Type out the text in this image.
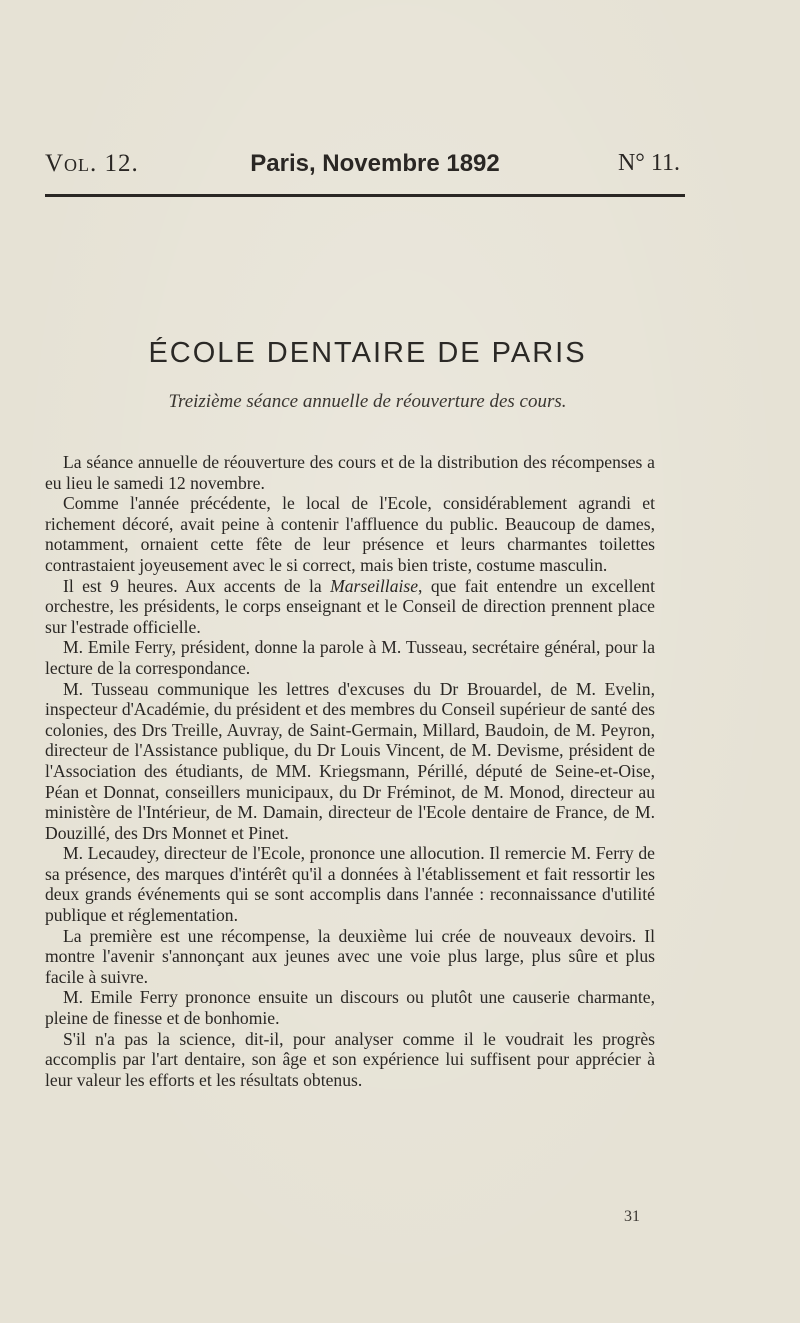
Vol. 12.	Paris, Novembre 1892	N° 11.
ÉCOLE DENTAIRE DE PARIS
Treizième séance annuelle de réouverture des cours.

La séance annuelle de réouverture des cours et de la distribution des récompenses a eu lieu le samedi 12 novembre.

Comme l'année précédente, le local de l'Ecole, considérablement agrandi et richement décoré, avait peine à contenir l'affluence du public. Beaucoup de dames, notamment, ornaient cette fête de leur présence et leurs charmantes toilettes contrastaient joyeusement avec le si correct, mais bien triste, costume masculin.

Il est 9 heures. Aux accents de la Marseillaise, que fait entendre un excellent orchestre, les présidents, le corps enseignant et le Conseil de direction prennent place sur l'estrade officielle.

M. Emile Ferry, président, donne la parole à M. Tusseau, secrétaire général, pour la lecture de la correspondance.

M. Tusseau communique les lettres d'excuses du Dr Brouardel, de M. Evelin, inspecteur d'Académie, du président et des membres du Conseil supérieur de santé des colonies, des Drs Treille, Auvray, de Saint-Germain, Millard, Baudoin, de M. Peyron, directeur de l'Assistance publique, du Dr Louis Vincent, de M. Devisme, président de l'Association des étudiants, de MM. Kriegsmann, Périllé, député de Seine-et-Oise, Péan et Donnat, conseillers municipaux, du Dr Fréminot, de M. Monod, directeur au ministère de l'Intérieur, de M. Damain, directeur de l'Ecole dentaire de France, de M. Douzillé, des Drs Monnet et Pinet.

M. Lecaudey, directeur de l'Ecole, prononce une allocution. Il remercie M. Ferry de sa présence, des marques d'intérêt qu'il a données à l'établissement et fait ressortir les deux grands événements qui se sont accomplis dans l'année : reconnaissance d'utilité publique et réglementation.

La première est une récompense, la deuxième lui crée de nouveaux devoirs. Il montre l'avenir s'annonçant aux jeunes avec une voie plus large, plus sûre et plus facile à suivre.

M. Emile Ferry prononce ensuite un discours ou plutôt une causerie charmante, pleine de finesse et de bonhomie.

S'il n'a pas la science, dit-il, pour analyser comme il le voudrait les progrès accomplis par l'art dentaire, son âge et son expérience lui suffisent pour apprécier à leur valeur les efforts et les résultats obtenus.

31
